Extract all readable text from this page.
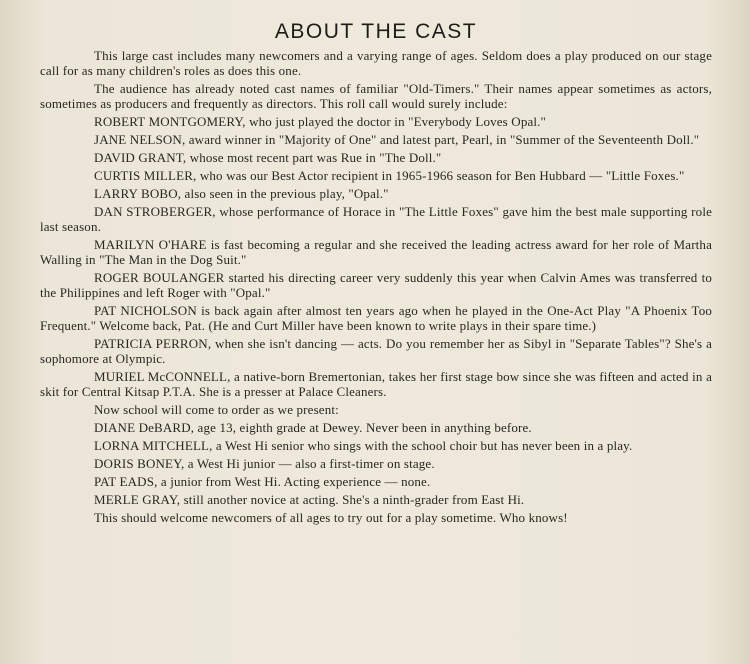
ABOUT THE CAST

This large cast includes many newcomers and a varying range of ages. Seldom does a play produced on our stage call for as many children's roles as does this one.

The audience has already noted cast names of familiar "Old-Timers." Their names appear sometimes as actors, sometimes as producers and frequently as directors. This roll call would surely include:

ROBERT MONTGOMERY, who just played the doctor in "Everybody Loves Opal."

JANE NELSON, award winner in "Majority of One" and latest part, Pearl, in "Summer of the Seventeenth Doll."

DAVID GRANT, whose most recent part was Rue in "The Doll."

CURTIS MILLER, who was our Best Actor recipient in 1965-1966 season for Ben Hubbard — "Little Foxes."

LARRY BOBO, also seen in the previous play, "Opal."

DAN STROBERGER, whose performance of Horace in "The Little Foxes" gave him the best male supporting role last season.

MARILYN O'HARE is fast becoming a regular and she received the leading actress award for her role of Martha Walling in "The Man in the Dog Suit."

ROGER BOULANGER started his directing career very suddenly this year when Calvin Ames was transferred to the Philippines and left Roger with "Opal."

PAT NICHOLSON is back again after almost ten years ago when he played in the One-Act Play "A Phoenix Too Frequent." Welcome back, Pat. (He and Curt Miller have been known to write plays in their spare time.)

PATRICIA PERRON, when she isn't dancing — acts. Do you remember her as Sibyl in "Separate Tables"? She's a sophomore at Olympic.

MURIEL McCONNELL, a native-born Bremertonian, takes her first stage bow since she was fifteen and acted in a skit for Central Kitsap P.T.A. She is a presser at Palace Cleaners.

Now school will come to order as we present:

DIANE DeBARD, age 13, eighth grade at Dewey. Never been in anything before.

LORNA MITCHELL, a West Hi senior who sings with the school choir but has never been in a play.

DORIS BONEY, a West Hi junior — also a first-timer on stage.

PAT EADS, a junior from West Hi. Acting experience — none.

MERLE GRAY, still another novice at acting. She's a ninth-grader from East Hi.

This should welcome newcomers of all ages to try out for a play sometime. Who knows!
